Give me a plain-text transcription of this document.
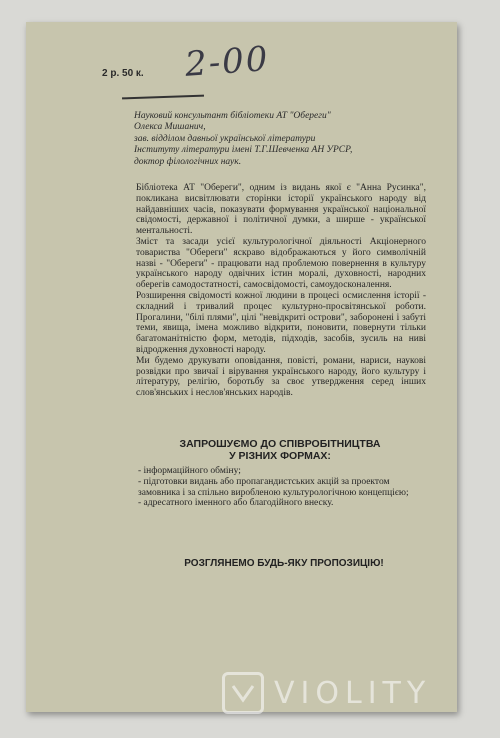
2 р. 50 к. 2-00
Науковий консультант бібліотеки АТ "Обереги"
Олекса Мишанич,
зав. відділом давньої української літератури
Інституту літератури імені Т.Г.Шевченка АН УРСР,
доктор філологічних наук.

Бібліотека АТ "Обереги", одним із видань якої є "Анна Русинка", покликана висвітлювати сторінки історії українського народу від найдавніших часів, показувати формування української національної свідомості, державної і політичної думки, а ширше - української ментальності.

Зміст та засади усієї культурологічної діяльності Акціонерного товариства "Обереги" яскраво відображаються у його символічній назві - "Обереги" - працювати над проблемою повернення в культуру українського народу одвічних істин моралі, духовності, народних оберегів самодостатності, самосвідомості, самоудосконалення.

Розширення свідомості кожної людини в процесі осмислення історії - складний і тривалий процес культурно-просвітянської роботи. Прогалини, "білі плями", цілі "невідкриті острови", заборонені і забуті теми, явища, імена можливо відкрити, поновити, повернути тільки багатоманітністю форм, методів, підходів, засобів, зусиль на ниві відродження духовності народу.

Ми будемо друкувати оповідання, повісті, романи, нариси, наукові розвідки про звичаї і вірування українського народу, його культуру і літературу, релігію, боротьбу за своє утвердження серед інших слов'янських і неслов'янських народів.

ЗАПРОШУЄМО ДО СПІВРОБІТНИЦТВА
У РІЗНИХ ФОРМАХ:
- інформаційного обміну;
- підготовки видань або пропагандистських акцій за проектом замовника і за спільно виробленою культурологічною концепцією;
- адресатного іменного або благодійного внеску.
РОЗГЛЯНЕМО БУДЬ-ЯКУ ПРОПОЗИЦІЮ!
VIOLITY
